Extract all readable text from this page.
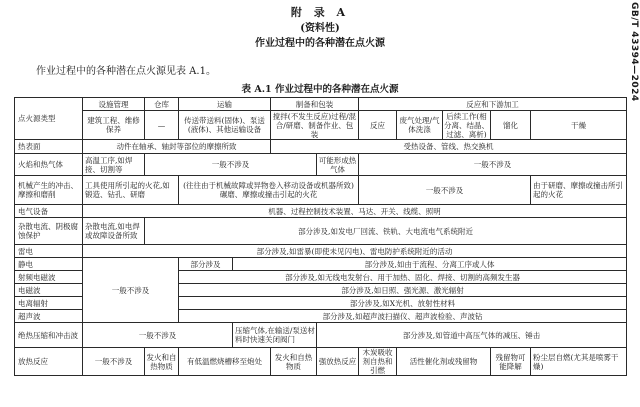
附 录 A
(资料性)
作业过程中的各种潜在点火源
作业过程中的各种潜在点火源见表 A.1。
表 A.1 作业过程中的各种潜在点火源	GB/T 43394—2024
点火源类型	设施管理	仓库	运输		制备和包装		反应和下游加工				
	建筑工程、维修保养	—	传送带送料(固体)、泵送(液体)、其他运输设备		搅拌(不发生反应)过程/混合/研磨、制备作业、包装		反应	废气处理/气体洗涤	后续工作(相分离、结晶、过滤、离析)	馏化	干燥
热表面	动件在轴承、轴封等部位的摩擦所致				受热设备、管线、热交换机						
火焰和热气体	高温工序,如焊接、切割等	一般不涉及				可能形成热气体	一般不涉及				
机械产生的冲击、摩擦和磨削	工具使用所引起的火花,如锻造、钻孔、研磨		(往往由于机械故障或异物卷入移动设备或机器所致)碾磨、摩擦或撞击引起的火花				一般不涉及				由于研磨、摩擦或撞击所引起的火花
电气设备	机器、过程控制技术装置、马达、开关、线缆、照明										
杂散电流、阴极腐蚀保护	杂散电流,如电焊或故障设备所致	部分涉及,如发电厂回流、铁轨、大电流电气系统附近									
雷电	部分涉及,如雷暴(即使未见闪电)、雷电防护系统附近的活动										
静电	一般不涉及		部分涉及	部分涉及,如由于流程、分离工序或人体							
射频电磁波			部分涉及,如无线电发射台、用于加热、固化、焊接、切割的高频发生器								
电磁波			部分涉及,如日照、强光源、激光辐射								
电离辐射			部分涉及,如X光机、放射性材料								
超声波			部分涉及,如超声波扫描仪、超声波检验、声波钻								
绝热压缩和冲击波	一般不涉及			压缩气体,在输送/泵送材料时快速关闭阀门		部分涉及,如管道中高压气体的减压、锤击					
放热反应	一般不涉及	发火和自热物质	有低温燃烧槽移至炮处		发火和自热物质	强放热反应	木炭吸收剂自热和引燃	活性催化剂或残留物		残留物可能降解	粉尘层自燃(尤其是喷雾干燥)
